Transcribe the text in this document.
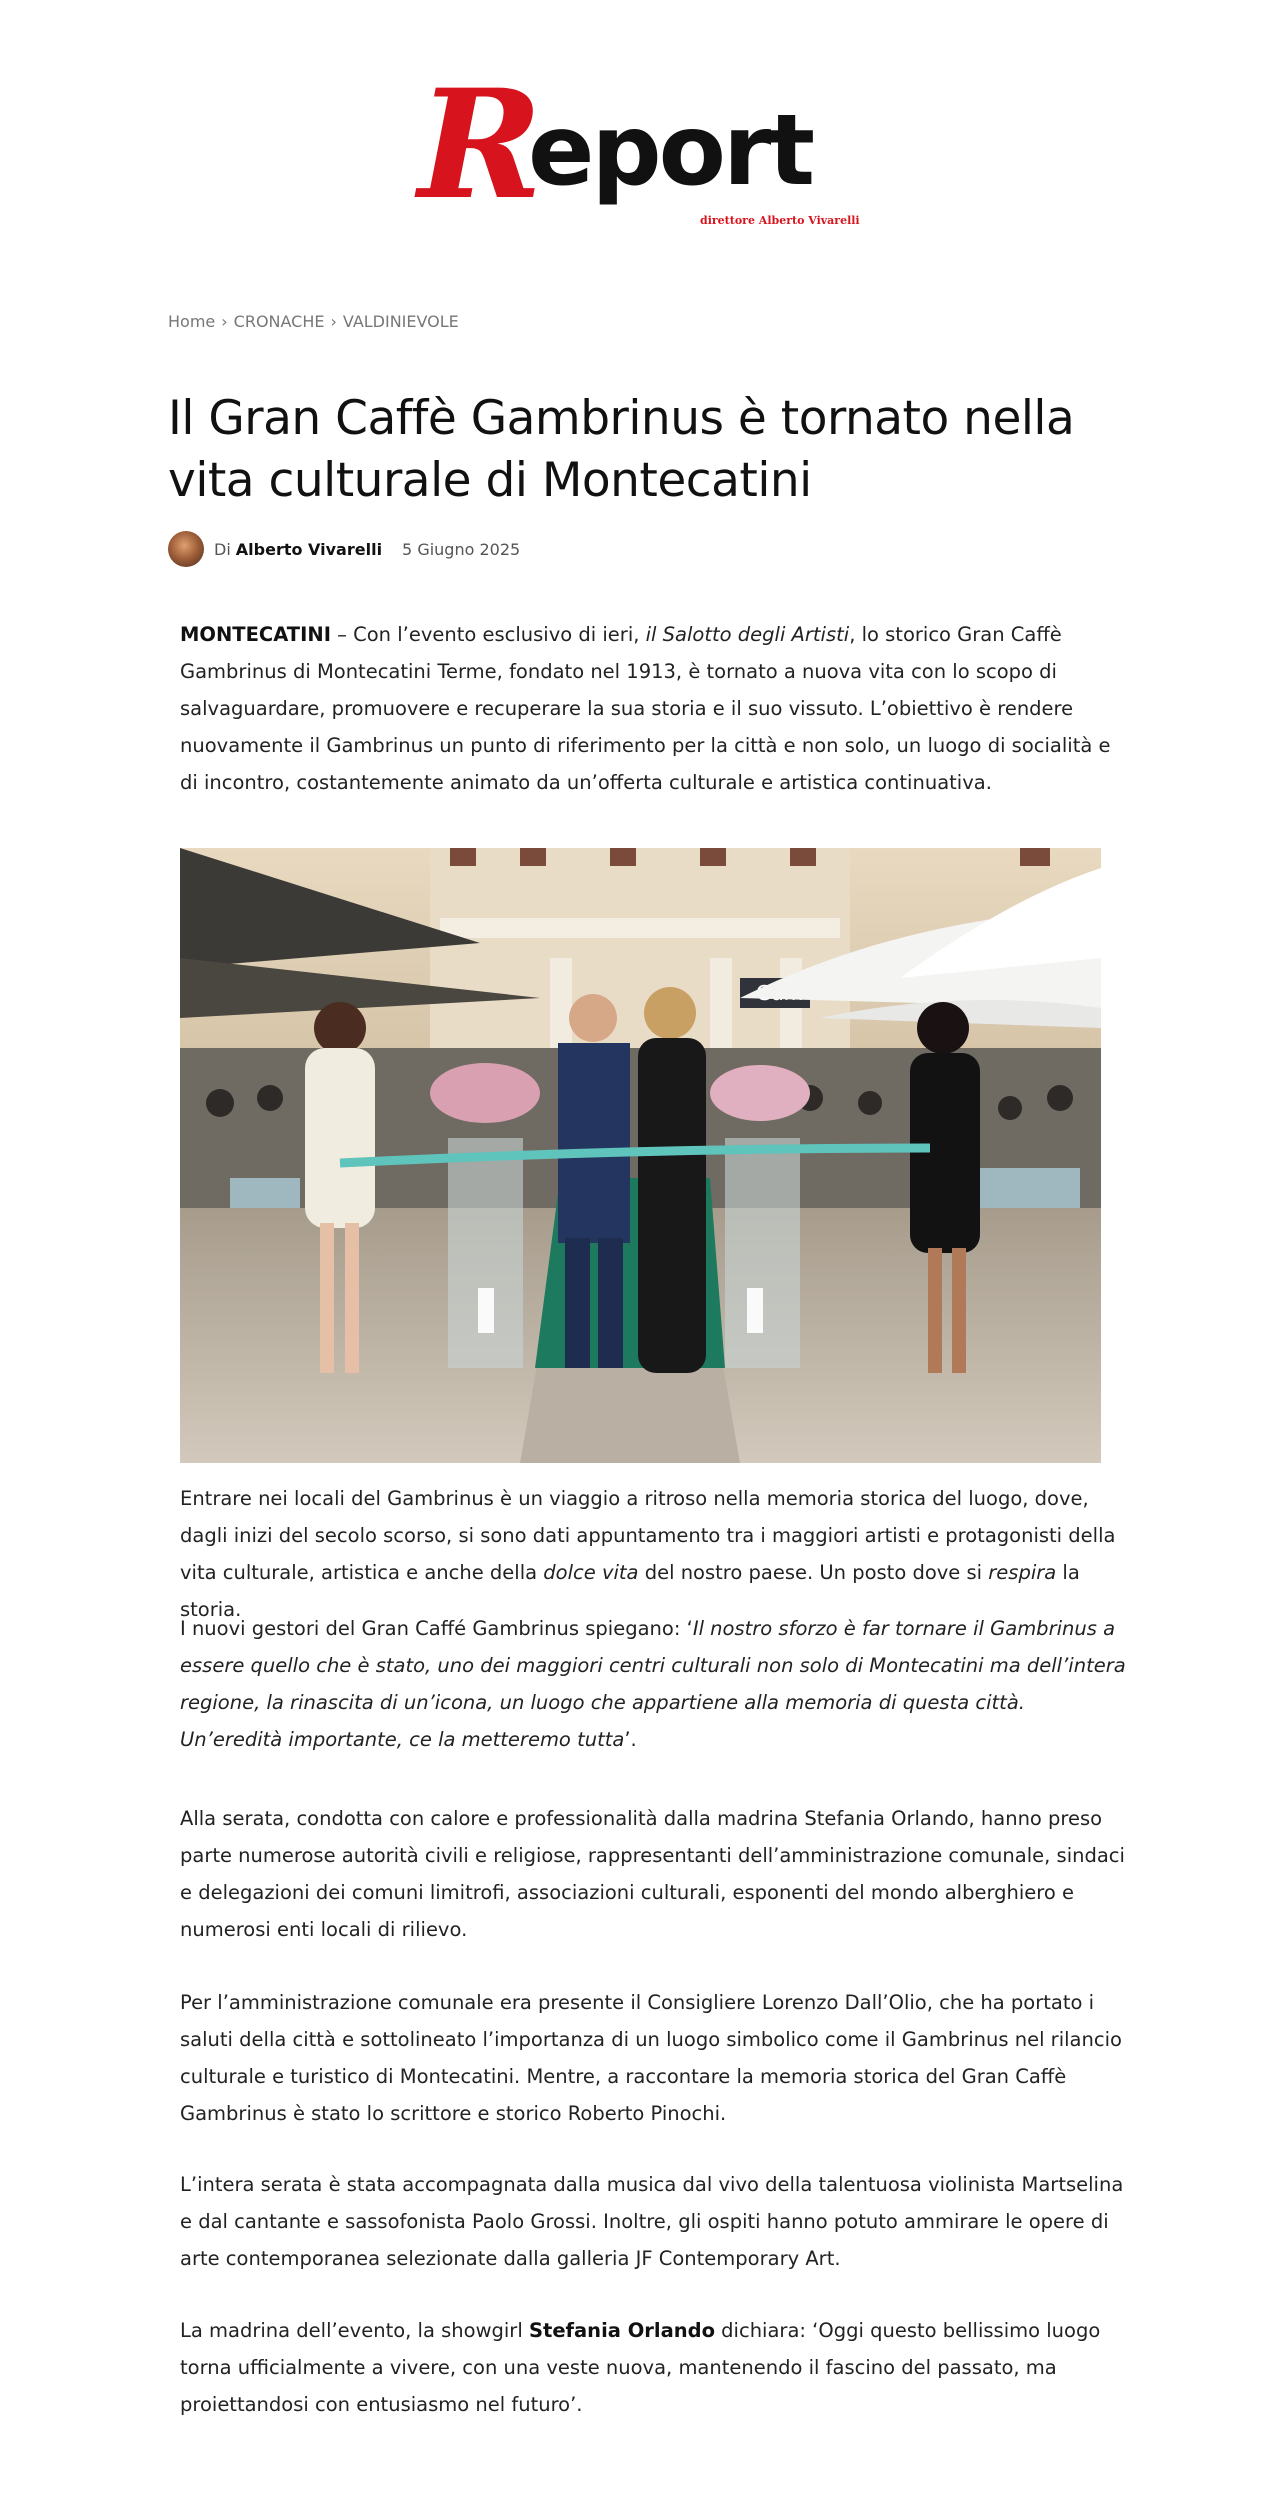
R
eport
direttore Alberto Vivarelli
Home › CRONACHE › VALDINIEVOLE
Il Gran Caffè Gambrinus è tornato nella vita culturale di Montecatini
Di Alberto Vivarelli 5 Giugno 2025

MONTECATINI – Con l’evento esclusivo di ieri, il Salotto degli Artisti, lo storico Gran Caffè Gambrinus di Montecatini Terme, fondato nel 1913, è tornato a nuova vita con lo scopo di salvaguardare, promuovere e recuperare la sua storia e il suo vissuto. L’obiettivo è rendere nuovamente il Gambrinus un punto di riferimento per la città e non solo, un luogo di socialità e di incontro, costantemente animato da un’offerta culturale e artistica continuativa.

Entrare nei locali del Gambrinus è un viaggio a ritroso nella memoria storica del luogo, dove, dagli inizi del secolo scorso, si sono dati appuntamento tra i maggiori artisti e protagonisti della vita culturale, artistica e anche della dolce vita del nostro paese. Un posto dove si respira la storia.

I nuovi gestori del Gran Caffé Gambrinus spiegano: ‘Il nostro sforzo è far tornare il Gambrinus a essere quello che è stato, uno dei maggiori centri culturali non solo di Montecatini ma dell’intera regione, la rinascita di un’icona, un luogo che appartiene alla memoria di questa città. Un’eredità importante, ce la metteremo tutta’.

Alla serata, condotta con calore e professionalità dalla madrina Stefania Orlando, hanno preso parte numerose autorità civili e religiose, rappresentanti dell’amministrazione comunale, sindaci e delegazioni dei comuni limitrofi, associazioni culturali, esponenti del mondo alberghiero e numerosi enti locali di rilievo.

Per l’amministrazione comunale era presente il Consigliere Lorenzo Dall’Olio, che ha portato i saluti della città e sottolineato l’importanza di un luogo simbolico come il Gambrinus nel rilancio culturale e turistico di Montecatini. Mentre, a raccontare la memoria storica del Gran Caffè Gambrinus è stato lo scrittore e storico Roberto Pinochi.

L’intera serata è stata accompagnata dalla musica dal vivo della talentuosa violinista Martselina e dal cantante e sassofonista Paolo Grossi. Inoltre, gli ospiti hanno potuto ammirare le opere di arte contemporanea selezionate dalla galleria JF Contemporary Art.

La madrina dell’evento, la showgirl Stefania Orlando dichiara: ‘Oggi questo bellissimo luogo torna ufficialmente a vivere, con una veste nuova, mantenendo il fascino del passato, ma proiettandosi con entusiasmo nel futuro’.
